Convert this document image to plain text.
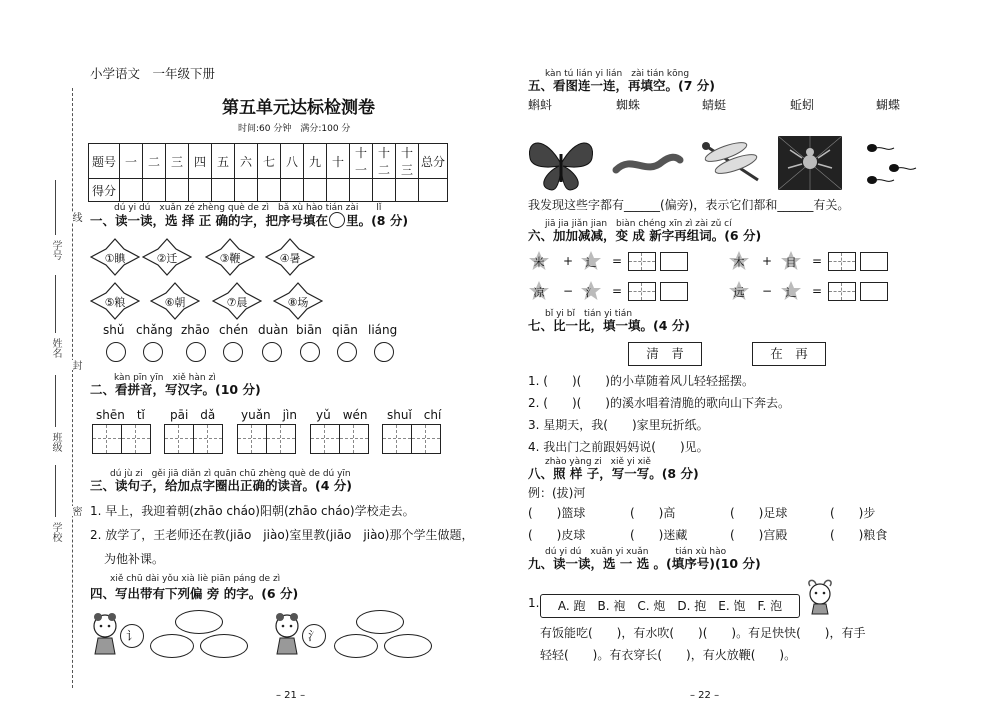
小学语文　一年级下册
学号
姓名
班级
学校
线
封
密
第五单元达标检测卷
时间:60 分钟　满分:100 分
题号	一	二	三	四	五	六	七	八	九	十	十一	十二	十三	总分
得分														
dú yi dú　xuǎn zé zhèng què de zì　bǎ xù hào tián zài　　lǐ
一、读一读，选 择 正 确的字，把序号填在 里。(8 分)
①睓	②迁	③鞭	④暑
⑤粮	⑥朝	⑦晨	⑧场
shǔ chǎng zhāo chén duàn biān qiān liáng
kàn pīn yīn　xiě hàn zì
二、看拼音，写汉字。(10 分)
shēn　tǐ pāi　dǎ yuǎn　jìn yǔ　wén shuǐ　chí
dú jù zi　gěi jiā diǎn zì quān chū zhèng què de dú yīn
三、读句子，给加点字圈出正确的读音。(4 分)
1. 早上，我迎着朝(zhāo cháo)阳朝(zhāo cháo)学校走去。
2. 放学了，王老师还在教(jiāo　jiào)室里教(jiāo　jiào)那个学生做题，
为他补课。
xiě chū dài yǒu xià liè piān páng de zì
四、写出带有下列偏 旁 的字。(6 分)
讠	氵
– 21 –
kàn tú lián yi lián　zài tián kōng
五、看图连一连，再填空。(7 分)
蝌蚪	蜘蛛	蜻蜓	蚯蚓	蝴蝶
我发现这些字都有______(偏旁)，表示它们都和______有关。
jiā jia jiǎn jian　biàn chéng xīn zì zài zǔ cí
六、加加减减，变 成 新字再组词。(6 分)
米	+	辶	=	木	+	目	=
凉	−	氵	=	远	−	辶	=
bǐ yi bǐ　tián yi tián
七、比一比，填一填。(4 分)
清　青	在　再
1. (　　)(　　)的小草随着风儿轻轻摇摆。
2. (　　)(　　)的溪水唱着清脆的歌向山下奔去。
3. 星期天，我(　　)家里玩折纸。
4. 我出门之前跟妈妈说(　　)见。
zhào yàng zi　xiě yi xiě
八、照 样 子，写一写。(8 分)
例：(拔)河
(　　)篮球	(　　)高	(　　)足球	(　　)步
(　　)皮球	(　　)迷藏	(　　)宫殿	(　　)粮食
dú yi dú　xuǎn yi xuǎn　　　tián xù hào
九、读一读，选 一 选 。(填序号)(10 分)
1.	A. 跑　B. 袍　C. 炮　D. 抱　E. 饱　F. 泡
有饭能吃(　　)，有水吹(　　)(　　)。有足快快(　　)，有手
轻轻(　　)。有衣穿长(　　)，有火放鞭(　　)。
– 22 –
